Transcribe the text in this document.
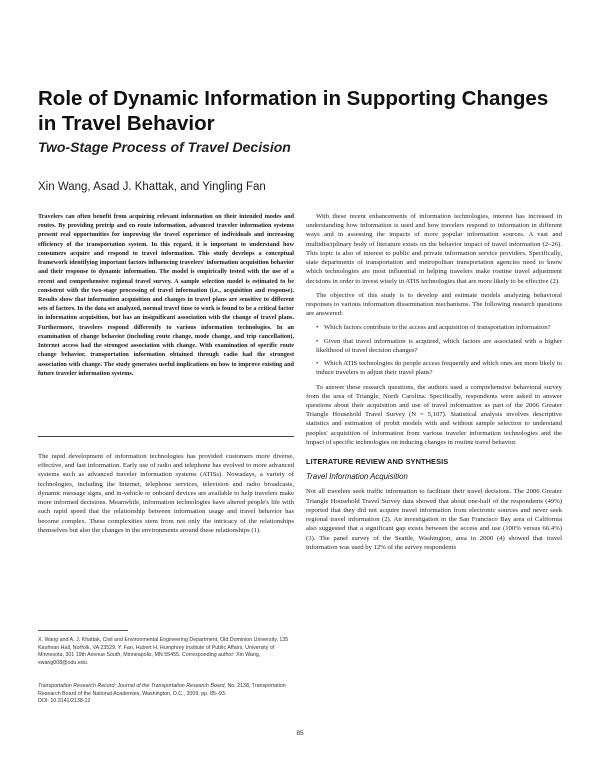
Role of Dynamic Information in Supporting Changes in Travel Behavior
Two-Stage Process of Travel Decision

Xin Wang, Asad J. Khattak, and Yingling Fan

Travelers can often benefit from acquiring relevant information on their intended modes and routes. By providing pretrip and en route information, advanced traveler information systems present real opportunities for improving the travel experience of individuals and increasing efficiency of the transportation system. In this regard, it is important to understand how consumers acquire and respond to travel information. This study develops a conceptual framework identifying important factors influencing travelers' information acquisition behavior and their response to dynamic information. The model is empirically tested with the use of a recent and comprehensive regional travel survey. A sample selection model is estimated to be consistent with the two-stage processing of travel information (i.e., acquisition and response). Results show that information acquisition and changes in travel plans are sensitive to different sets of factors. In the data set analyzed, normal travel time to work is found to be a critical factor in information acquisition, but has an insignificant association with the change of travel plans. Furthermore, travelers respond differently to various information technologies. In an examination of change behavior (including route change, mode change, and trip cancellation), Internet access had the strongest association with change. With examination of specific route change behavior, transportation information obtained through radio had the strongest association with change. The study generates useful implications on how to improve existing and future traveler information systems.

The rapid development of information technologies has provided customers more diverse, effective, and fast information. Early use of radio and telephone has evolved to more advanced systems such as advanced traveler information systems (ATISs). Nowadays, a variety of technologies, including the Internet, telephone services, television and radio broadcasts, dynamic message signs, and in-vehicle or onboard devices are available to help travelers make more informed decisions. Meanwhile, information technologies have altered people's life with such rapid speed that the relationship between information usage and travel behavior has become complex. These complexities stem from not only the intricacy of the relationships themselves but also the changes in the environments around these relationships (1).

X. Wang and A. J. Khattak, Civil and Environmental Engineering Department, Old Dominion University, 135 Kaufman Hall, Norfolk, VA 23529. Y. Fan, Hubert H. Humphrey Institute of Public Affairs, University of Minnesota, 301 19th Avenue South, Minneapolis, MN 55455. Corresponding author: Xin Wang, xwang008@odu.edu.

Transportation Research Record: Journal of the Transportation Research Board, No. 2138, Transportation Research Board of the National Academies, Washington, D.C., 2009, pp. 85–93.
DOI: 10.3141/2138-12

With these recent enhancements of information technologies, interest has increased in understanding how information is used and how travelers respond to information in different ways and in assessing the impacts of more popular information sources. A vast and multidisciplinary body of literature exists on the behavior impact of travel information (2–26). This topic is also of interest to public and private information service providers. Specifically, state departments of transportation and metropolitan transportation agencies need to know which technologies are most influential in helping travelers make routine travel adjustment decisions in order to invest wisely in ATIS technologies that are more likely to be effective (2).

The objective of this study is to develop and estimate models analyzing behavioral responses to various information dissemination mechanisms. The following research questions are answered:

• Which factors contribute to the access and acquisition of transportation information?
• Given that travel information is acquired, which factors are associated with a higher likelihood of travel decision changes?
• Which ATIS technologies do people access frequently and which ones are more likely to induce travelers to adjust their travel plans?

To answer these research questions, the authors used a comprehensive behavioral survey from the area of Triangle, North Carolina. Specifically, respondents were asked to answer questions about their acquisition and use of travel information as part of the 2006 Greater Triangle Household Travel Survey (N = 5,107). Statistical analysis involves descriptive statistics and estimation of probit models with and without sample selection to understand peoples' acquisition of information from various traveler information technologies and the impact of specific technologies on inducing changes in routine travel behavior.

LITERATURE REVIEW AND SYNTHESIS
Travel Information Acquisition

Not all travelers seek traffic information to facilitate their travel decisions. The 2006 Greater Triangle Household Travel Survey data showed that about one-half of the respondents (49%) reported that they did not acquire travel information from electronic sources and never seek regional travel information (2). An investigation in the San Francisco Bay area of California also suggested that a significant gap exists between the access and use (100% versus 66.4%) (3). The panel survey of the Seattle, Washington, area in 2000 (4) showed that travel information was used by 12% of the survey respondents

85
